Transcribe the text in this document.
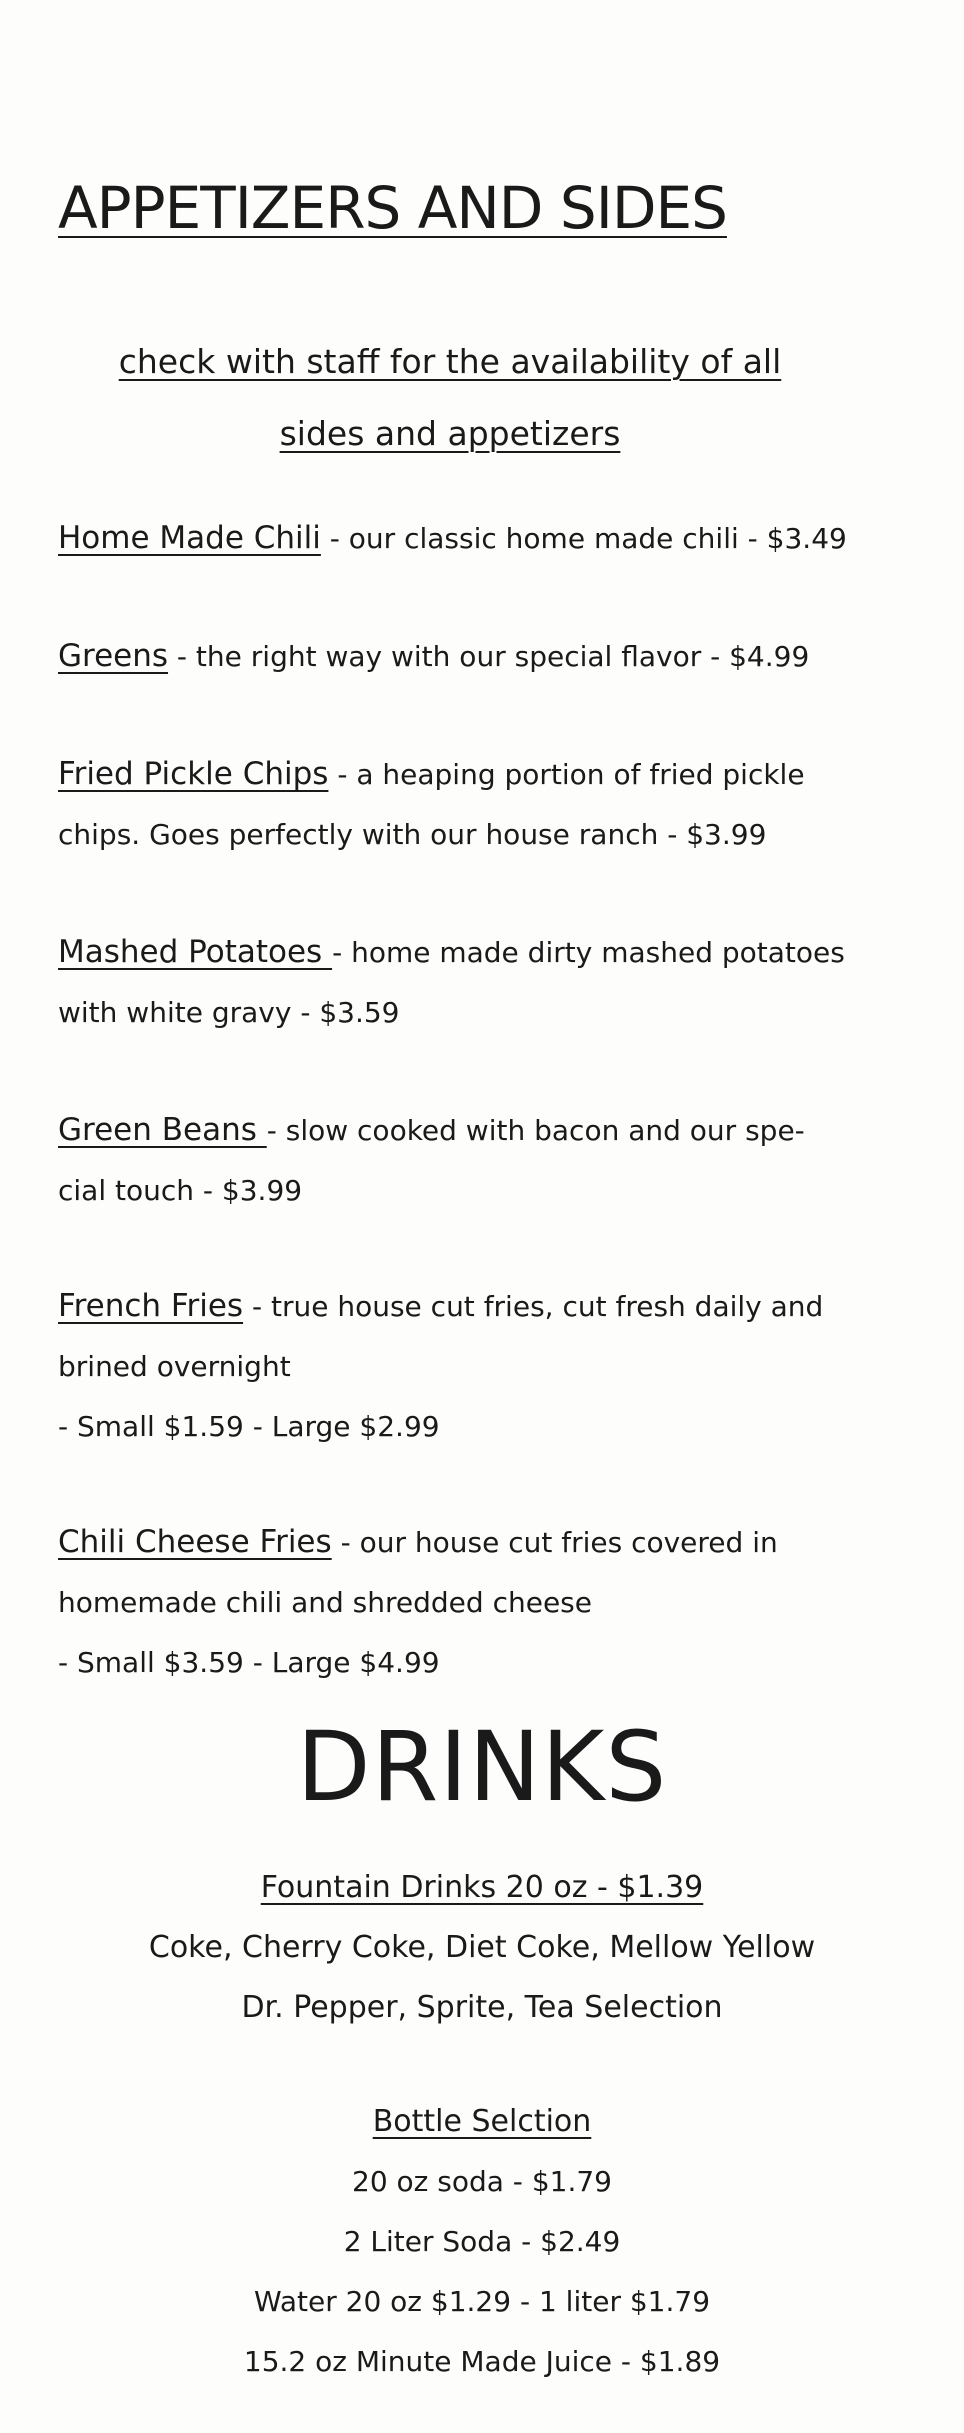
APPETIZERS AND SIDES
check with staff for the availability of all
sides and appetizers
Home Made Chili - our classic home made chili - $3.49
Greens - the right way with our special flavor - $4.99
Fried Pickle Chips - a heaping portion of fried pickle
chips. Goes perfectly with our house ranch - $3.99
Mashed Potatoes - home made dirty mashed potatoes
with white gravy - $3.59
Green Beans - slow cooked with bacon and our spe-
cial touch - $3.99
French Fries - true house cut fries, cut fresh daily and
brined overnight
- Small $1.59 - Large $2.99
Chili Cheese Fries - our house cut fries covered in
homemade chili and shredded cheese
- Small $3.59 - Large $4.99
DRINKS
Fountain Drinks 20 oz - $1.39
Coke, Cherry Coke, Diet Coke, Mellow Yellow
Dr. Pepper, Sprite, Tea Selection
Bottle Selction
20 oz soda - $1.79
2 Liter Soda - $2.49
Water 20 oz $1.29 - 1 liter $1.79
15.2 oz Minute Made Juice - $1.89
